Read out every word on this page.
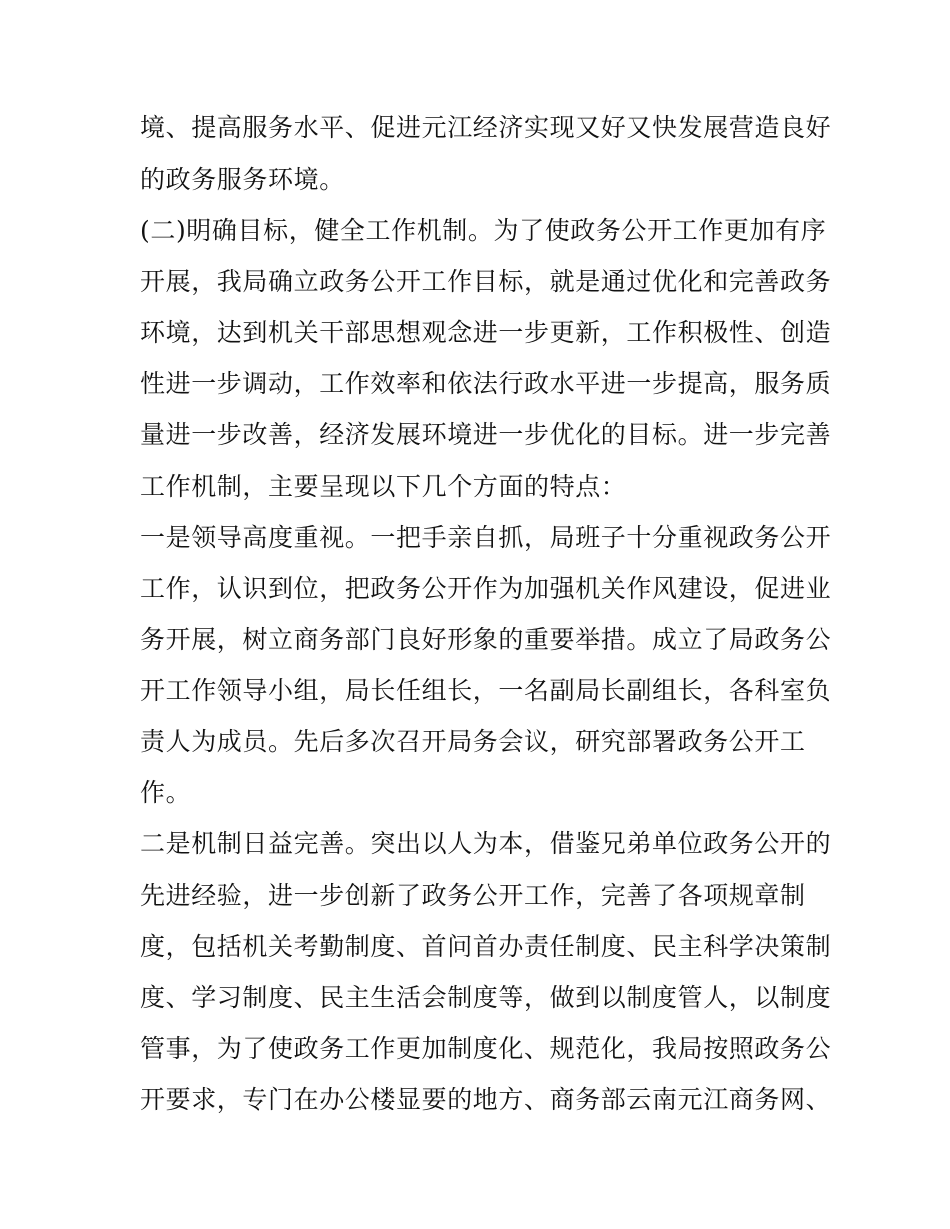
境、提高服务水平、促进元江经济实现又好又快发展营造良好

的政务服务环境。

(二)明确目标，健全工作机制。为了使政务公开工作更加有序

开展，我局确立政务公开工作目标，就是通过优化和完善政务

环境，达到机关干部思想观念进一步更新，工作积极性、创造

性进一步调动，工作效率和依法行政水平进一步提高，服务质

量进一步改善，经济发展环境进一步优化的目标。进一步完善

工作机制，主要呈现以下几个方面的特点：

一是领导高度重视。一把手亲自抓，局班子十分重视政务公开

工作，认识到位，把政务公开作为加强机关作风建设，促进业

务开展，树立商务部门良好形象的重要举措。成立了局政务公

开工作领导小组，局长任组长，一名副局长副组长，各科室负

责人为成员。先后多次召开局务会议，研究部署政务公开工

作。

二是机制日益完善。突出以人为本，借鉴兄弟单位政务公开的

先进经验，进一步创新了政务公开工作，完善了各项规章制

度，包括机关考勤制度、首问首办责任制度、民主科学决策制

度、学习制度、民主生活会制度等，做到以制度管人，以制度

管事，为了使政务工作更加制度化、规范化，我局按照政务公

开要求，专门在办公楼显要的地方、商务部云南元江商务网、
